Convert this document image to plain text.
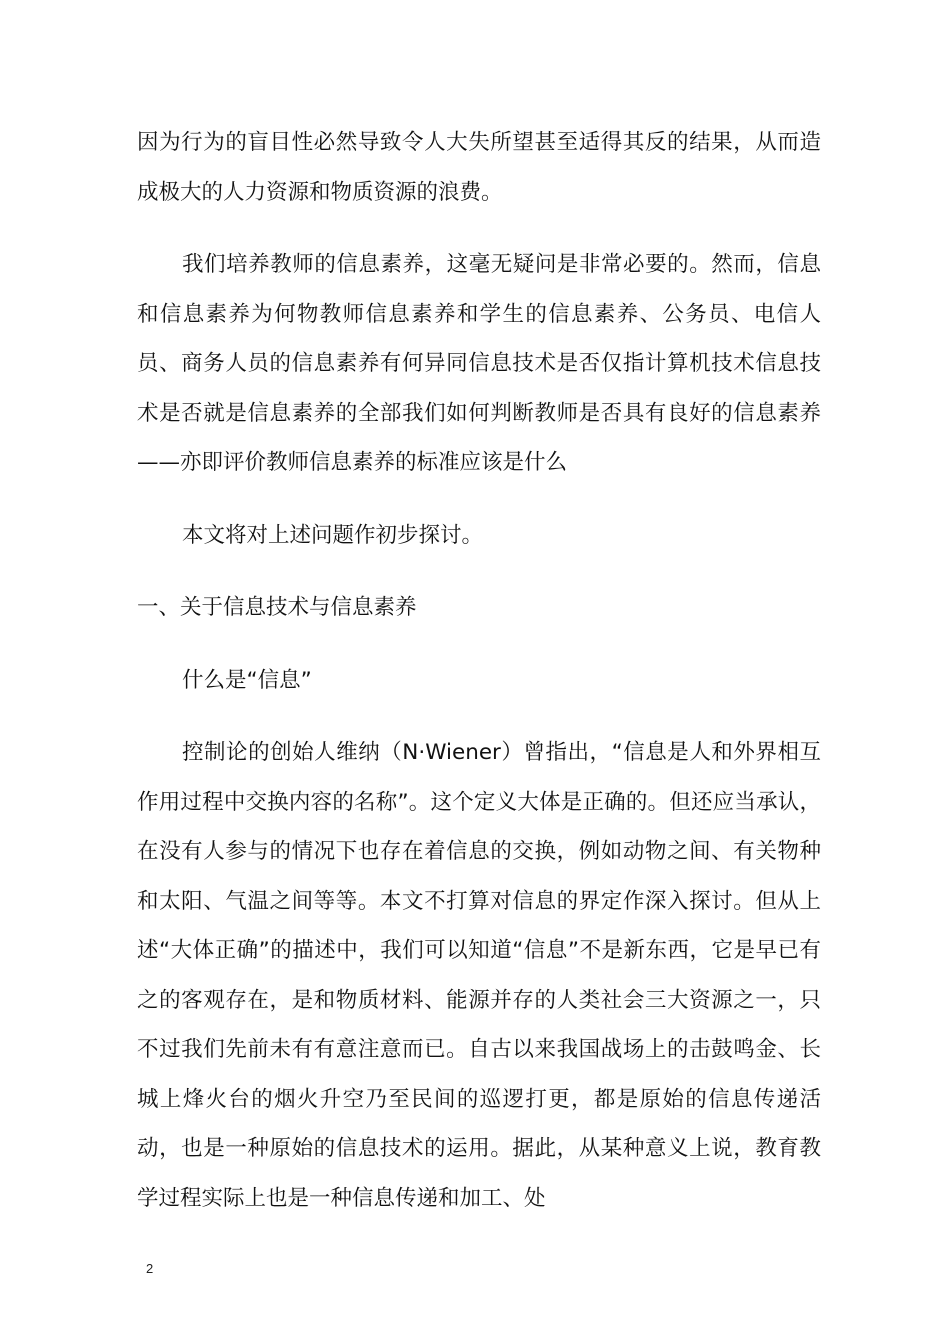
因为行为的盲目性必然导致令人大失所望甚至适得其反的结果，从而造成极大的人力资源和物质资源的浪费。

我们培养教师的信息素养，这毫无疑问是非常必要的。然而，信息和信息素养为何物教师信息素养和学生的信息素养、公务员、电信人员、商务人员的信息素养有何异同信息技术是否仅指计算机技术信息技术是否就是信息素养的全部我们如何判断教师是否具有良好的信息素养——亦即评价教师信息素养的标准应该是什么

本文将对上述问题作初步探讨。

一、关于信息技术与信息素养

什么是“信息”

控制论的创始人维纳（N·Wiener）曾指出，“信息是人和外界相互作用过程中交换内容的名称”。这个定义大体是正确的。但还应当承认，在没有人参与的情况下也存在着信息的交换，例如动物之间、有关物种和太阳、气温之间等等。本文不打算对信息的界定作深入探讨。但从上述“大体正确”的描述中，我们可以知道“信息”不是新东西，它是早已有之的客观存在，是和物质材料、能源并存的人类社会三大资源之一，只不过我们先前未有有意注意而已。自古以来我国战场上的击鼓鸣金、长城上烽火台的烟火升空乃至民间的巡逻打更，都是原始的信息传递活动，也是一种原始的信息技术的运用。据此，从某种意义上说，教育教学过程实际上也是一种信息传递和加工、处

2
